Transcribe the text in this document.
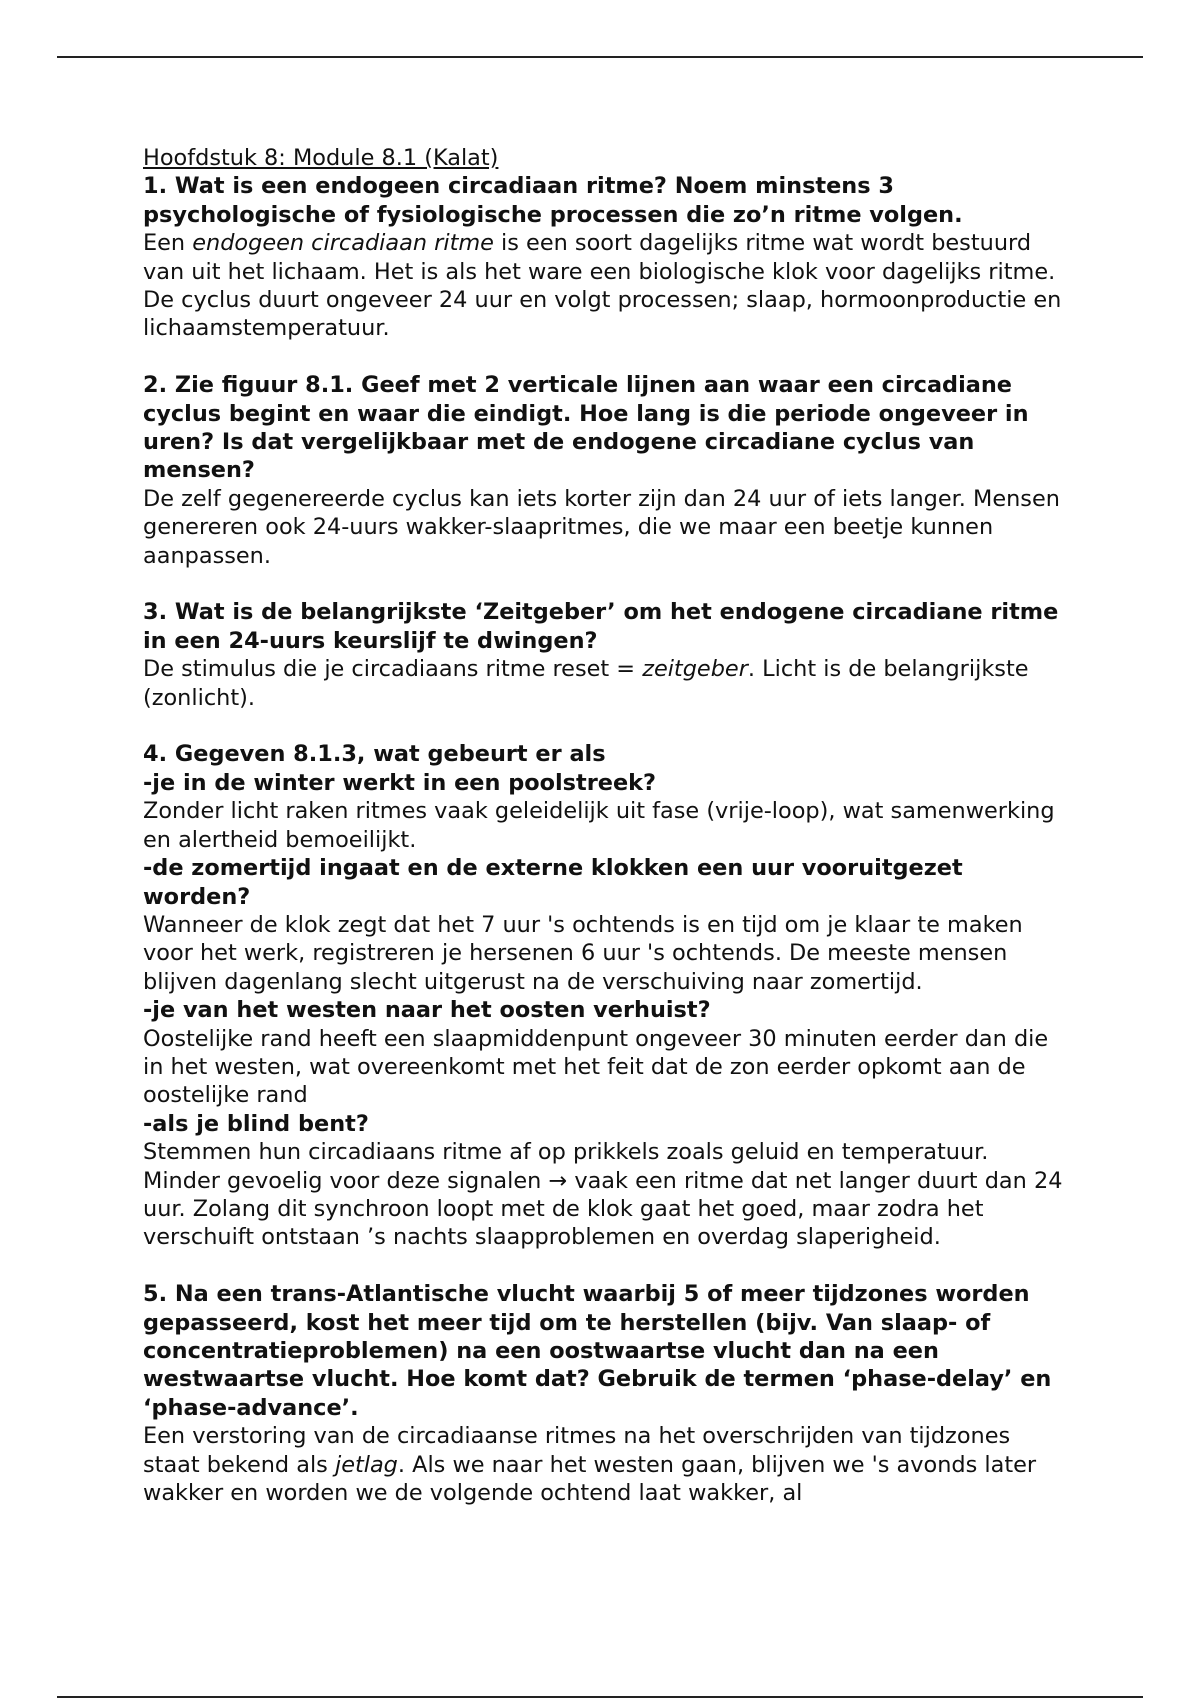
Hoofdstuk 8: Module 8.1 (Kalat)

1. Wat is een endogeen circadiaan ritme? Noem minstens 3 psychologische of fysiologische processen die zo’n ritme volgen.

Een endogeen circadiaan ritme is een soort dagelijks ritme wat wordt bestuurd van uit het lichaam. Het is als het ware een biologische klok voor dagelijks ritme. De cyclus duurt ongeveer 24 uur en volgt processen; slaap, hormoonproductie en lichaamstemperatuur.

2. Zie figuur 8.1. Geef met 2 verticale lijnen aan waar een circadiane cyclus begint en waar die eindigt. Hoe lang is die periode ongeveer in uren? Is dat vergelijkbaar met de endogene circadiane cyclus van mensen?

De zelf gegenereerde cyclus kan iets korter zijn dan 24 uur of iets langer. Mensen genereren ook 24-uurs wakker-slaapritmes, die we maar een beetje kunnen aanpassen.

3. Wat is de belangrijkste ‘Zeitgeber’ om het endogene circadiane ritme in een 24-uurs keurslijf te dwingen?

De stimulus die je circadiaans ritme reset = zeitgeber. Licht is de belangrijkste (zonlicht).

4. Gegeven 8.1.3, wat gebeurt er als

-je in de winter werkt in een poolstreek?

Zonder licht raken ritmes vaak geleidelijk uit fase (vrije-loop), wat samenwerking en alertheid bemoeilijkt.

-de zomertijd ingaat en de externe klokken een uur vooruitgezet worden?

Wanneer de klok zegt dat het 7 uur 's ochtends is en tijd om je klaar te maken voor het werk, registreren je hersenen 6 uur 's ochtends. De meeste mensen blijven dagenlang slecht uitgerust na de verschuiving naar zomertijd.

-je van het westen naar het oosten verhuist?

Oostelijke rand heeft een slaapmiddenpunt ongeveer 30 minuten eerder dan die in het westen, wat overeenkomt met het feit dat de zon eerder opkomt aan de oostelijke rand

-als je blind bent?

Stemmen hun circadiaans ritme af op prikkels zoals geluid en temperatuur. Minder gevoelig voor deze signalen → vaak een ritme dat net langer duurt dan 24 uur. Zolang dit synchroon loopt met de klok gaat het goed, maar zodra het verschuift ontstaan ’s nachts slaapproblemen en overdag slaperigheid.

5. Na een trans-Atlantische vlucht waarbij 5 of meer tijdzones worden gepasseerd, kost het meer tijd om te herstellen (bijv. Van slaap- of concentratieproblemen) na een oostwaartse vlucht dan na een westwaartse vlucht. Hoe komt dat? Gebruik de termen ‘phase-delay’ en ‘phase-advance’.

Een verstoring van de circadiaanse ritmes na het overschrijden van tijdzones staat bekend als jetlag. Als we naar het westen gaan, blijven we 's avonds later wakker en worden we de volgende ochtend laat wakker, al
